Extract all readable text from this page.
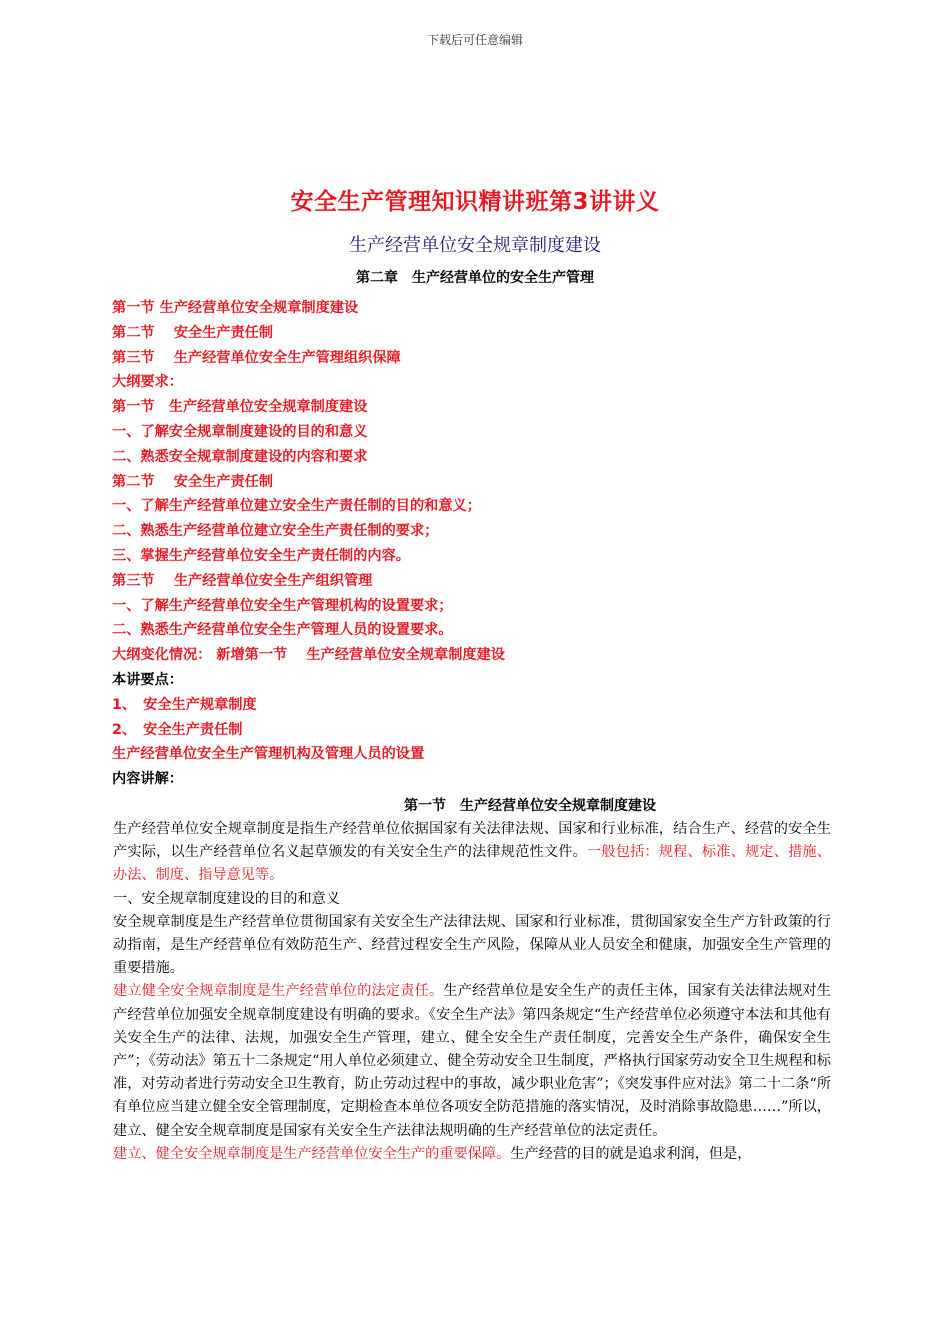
下载后可任意编辑
安全生产管理知识精讲班第3讲讲义
生产经营单位安全规章制度建设
第二章　生产经营单位的安全生产管理
第一节 生产经营单位安全规章制度建设
第二节　 安全生产责任制
第三节　 生产经营单位安全生产管理组织保障
大纲要求：
第一节　生产经营单位安全规章制度建设
一、了解安全规章制度建设的目的和意义
二、熟悉安全规章制度建设的内容和要求
第二节　 安全生产责任制
一、了解生产经营单位建立安全生产责任制的目的和意义；
二、熟悉生产经营单位建立安全生产责任制的要求；
三、掌握生产经营单位安全生产责任制的内容。
第三节　 生产经营单位安全生产组织管理
一、了解生产经营单位安全生产管理机构的设置要求；
二、熟悉生产经营单位安全生产管理人员的设置要求。
大纲变化情况： 新增第一节　 生产经营单位安全规章制度建设
本讲要点：
1、　安全生产规章制度
2、　安全生产责任制
生产经营单位安全生产管理机构及管理人员的设置
内容讲解：
第一节　生产经营单位安全规章制度建设

生产经营单位安全规章制度是指生产经营单位依据国家有关法律法规、国家和行业标准，结合生产、经营的安全生产实际，以生产经营单位名义起草颁发的有关安全生产的法律规范性文件。一般包括：规程、标准、规定、措施、办法、制度、指导意见等。

一、安全规章制度建设的目的和意义

安全规章制度是生产经营单位贯彻国家有关安全生产法律法规、国家和行业标准，贯彻国家安全生产方针政策的行动指南，是生产经营单位有效防范生产、经营过程安全生产风险，保障从业人员安全和健康，加强安全生产管理的重要措施。

建立健全安全规章制度是生产经营单位的法定责任。生产经营单位是安全生产的责任主体，国家有关法律法规对生产经营单位加强安全规章制度建设有明确的要求。《安全生产法》第四条规定“生产经营单位必须遵守本法和其他有关安全生产的法律、法规，加强安全生产管理，建立、健全安全生产责任制度，完善安全生产条件，确保安全生产”；《劳动法》第五十二条规定“用人单位必须建立、健全劳动安全卫生制度，严格执行国家劳动安全卫生规程和标准，对劳动者进行劳动安全卫生教育，防止劳动过程中的事故，减少职业危害”；《突发事件应对法》第二十二条“所有单位应当建立健全安全管理制度，定期检查本单位各项安全防范措施的落实情况，及时消除事故隐患……”所以，建立、健全安全规章制度是国家有关安全生产法律法规明确的生产经营单位的法定责任。

建立、健全安全规章制度是生产经营单位安全生产的重要保障。生产经营的目的就是追求利润，但是，
